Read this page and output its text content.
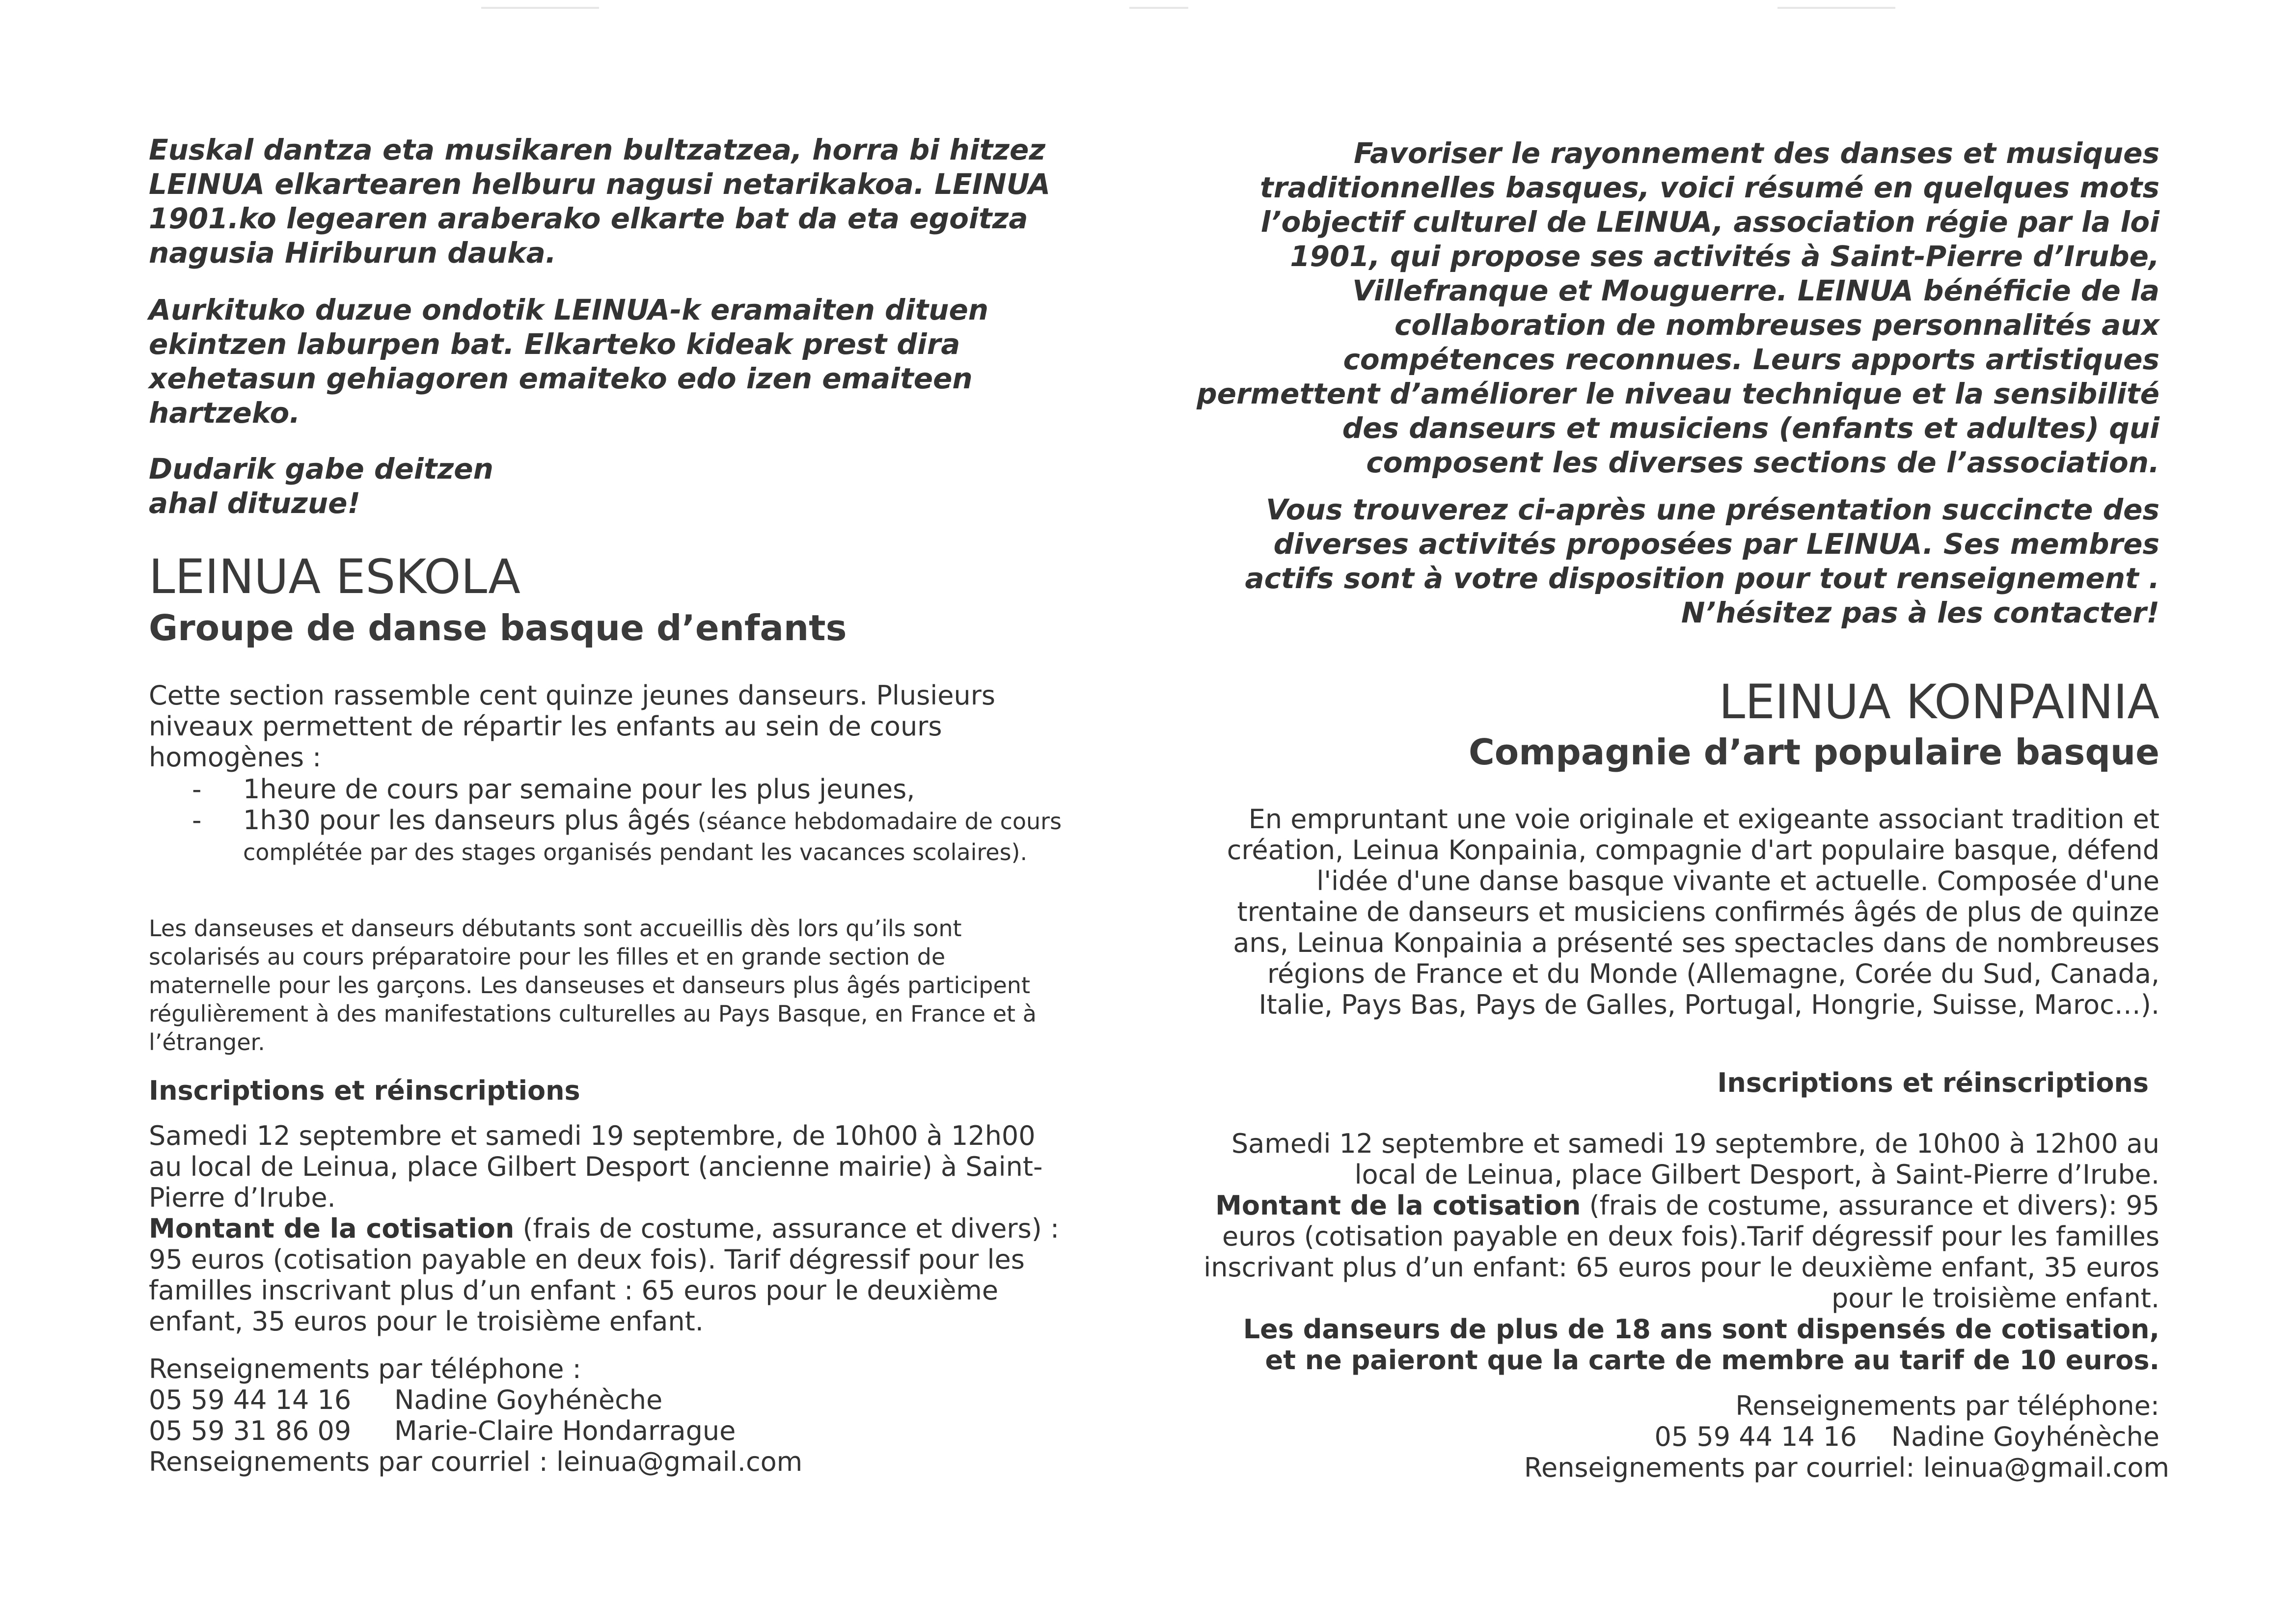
Euskal dantza eta musikaren bultzatzea, horra bi hitzez LEINUA elkartearen helburu nagusi netarikakoa. LEINUA 1901.ko legearen araberako elkarte bat da eta egoitza nagusia Hiriburun dauka.

Aurkituko duzue ondotik LEINUA-k eramaiten dituen ekintzen laburpen bat. Elkarteko kideak prest dira xehetasun gehiagoren emaiteko edo izen emaiteen hartzeko.

Dudarik gabe deitzen
ahal dituzue!
LEINUA ESKOLA
Groupe de danse basque d’enfants

Cette section rassemble cent quinze jeunes danseurs. Plusieurs niveaux permettent de répartir les enfants au sein de cours homogènes :

- 1heure de cours par semaine pour les plus jeunes,
- 1h30 pour les danseurs plus âgés (séance hebdomadaire de cours complétée par des stages organisés pendant les vacances scolaires).

Les danseuses et danseurs débutants sont accueillis dès lors qu’ils sont scolarisés au cours préparatoire pour les filles et en grande section de maternelle pour les garçons. Les danseuses et danseurs plus âgés participent régulièrement à des manifestations culturelles au Pays Basque, en France et à l’étranger.

Inscriptions et réinscriptions

Samedi 12 septembre et samedi 19 septembre, de 10h00 à 12h00 au local de Leinua, place Gilbert Desport (ancienne mairie) à Saint-Pierre d’Irube.

Montant de la cotisation (frais de costume, assurance et divers) : 95 euros (cotisation payable en deux fois). Tarif dégressif pour les familles inscrivant plus d’un enfant : 65 euros pour le deuxième enfant, 35 euros pour le troisième enfant.

Renseignements par téléphone :
05 59 44 14 16 Nadine Goyhénèche
05 59 31 86 09 Marie-Claire Hondarrague
Renseignements par courriel : leinua@gmail.com

Favoriser le rayonnement des danses et musiques traditionnelles basques, voici résumé en quelques mots l’objectif culturel de LEINUA, association régie par la loi 1901, qui propose ses activités à Saint-Pierre d’Irube, Villefranque et Mouguerre. LEINUA bénéficie de la collaboration de nombreuses personnalités aux compétences reconnues. Leurs apports artistiques permettent d’améliorer le niveau technique et la sensibilité des danseurs et musiciens (enfants et adultes) qui composent les diverses sections de l’association.

Vous trouverez ci-après une présentation succincte des diverses activités proposées par LEINUA. Ses membres actifs sont à votre disposition pour tout renseignement . N’hésitez pas à les contacter!

LEINUA KONPAINIA
Compagnie d’art populaire basque

En empruntant une voie originale et exigeante associant tradition et création, Leinua Konpainia, compagnie d'art populaire basque, défend l'idée d'une danse basque vivante et actuelle. Composée d'une trentaine de danseurs et musiciens confirmés âgés de plus de quinze ans, Leinua Konpainia a présenté ses spectacles dans de nombreuses régions de France et du Monde (Allemagne, Corée du Sud, Canada, Italie, Pays Bas, Pays de Galles, Portugal, Hongrie, Suisse, Maroc…).

Inscriptions et réinscriptions

Samedi 12 septembre et samedi 19 septembre, de 10h00 à 12h00 au local de Leinua, place Gilbert Desport, à Saint-Pierre d’Irube.

Montant de la cotisation (frais de costume, assurance et divers): 95 euros (cotisation payable en deux fois).Tarif dégressif pour les familles inscrivant plus d’un enfant: 65 euros pour le deuxième enfant, 35 euros pour le troisième enfant.

Les danseurs de plus de 18 ans sont dispensés de cotisation, et ne paieront que la carte de membre au tarif de 10 euros.

Renseignements par téléphone:
05 59 44 14 16 Nadine Goyhénèche
Renseignements par courriel: leinua@gmail.com
